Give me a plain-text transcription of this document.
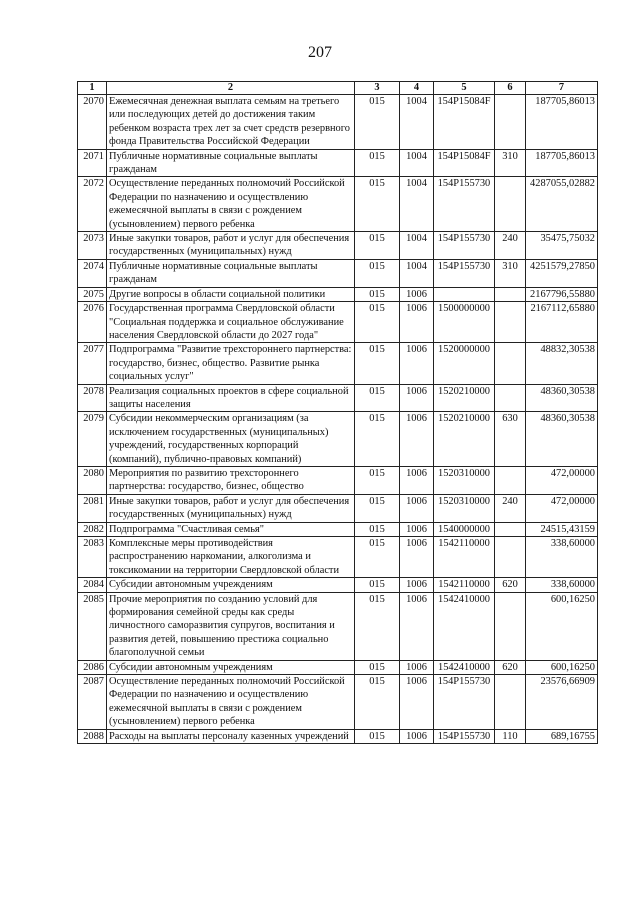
207
1	2	3	4	5	6	7
2070	Ежемесячная денежная выплата семьям на третьего или последующих детей до достижения таким ребенком возраста трех лет за счет средств резервного фонда Правительства Российской Федерации	015	1004	154P15084F		187705,86013
2071	Публичные нормативные социальные выплаты гражданам	015	1004	154P15084F	310	187705,86013
2072	Осуществление переданных полномочий Российской Федерации по назначению и осуществлению ежемесячной выплаты в связи с рождением (усыновлением) первого ребенка	015	1004	154P155730		4287055,02882
2073	Иные закупки товаров, работ и услуг для обеспечения государственных (муниципальных) нужд	015	1004	154P155730	240	35475,75032
2074	Публичные нормативные социальные выплаты гражданам	015	1004	154P155730	310	4251579,27850
2075	Другие вопросы в области социальной политики	015	1006			2167796,55880
2076	Государственная программа Свердловской области "Социальная поддержка и социальное обслуживание населения Свердловской области до 2027 года"	015	1006	1500000000		2167112,65880
2077	Подпрограмма "Развитие трехстороннего партнерства: государство, бизнес, общество. Развитие рынка социальных услуг"	015	1006	1520000000		48832,30538
2078	Реализация социальных проектов в сфере социальной защиты населения	015	1006	1520210000		48360,30538
2079	Субсидии некоммерческим организациям (за исключением государственных (муниципальных) учреждений, государственных корпораций (компаний), публично-правовых компаний)	015	1006	1520210000	630	48360,30538
2080	Мероприятия по развитию трехстороннего партнерства: государство, бизнес, общество	015	1006	1520310000		472,00000
2081	Иные закупки товаров, работ и услуг для обеспечения государственных (муниципальных) нужд	015	1006	1520310000	240	472,00000
2082	Подпрограмма "Счастливая семья"	015	1006	1540000000		24515,43159
2083	Комплексные меры противодействия распространению наркомании, алкоголизма и токсикомании на территории Свердловской области	015	1006	1542110000		338,60000
2084	Субсидии автономным учреждениям	015	1006	1542110000	620	338,60000
2085	Прочие мероприятия по созданию условий для формирования семейной среды как среды личностного саморазвития супругов, воспитания и развития детей, повышению престижа социально благополучной семьи	015	1006	1542410000		600,16250
2086	Субсидии автономным учреждениям	015	1006	1542410000	620	600,16250
2087	Осуществление переданных полномочий Российской Федерации по назначению и осуществлению ежемесячной выплаты в связи с рождением (усыновлением) первого ребенка	015	1006	154P155730		23576,66909
2088	Расходы на выплаты персоналу казенных учреждений	015	1006	154P155730	110	689,16755
